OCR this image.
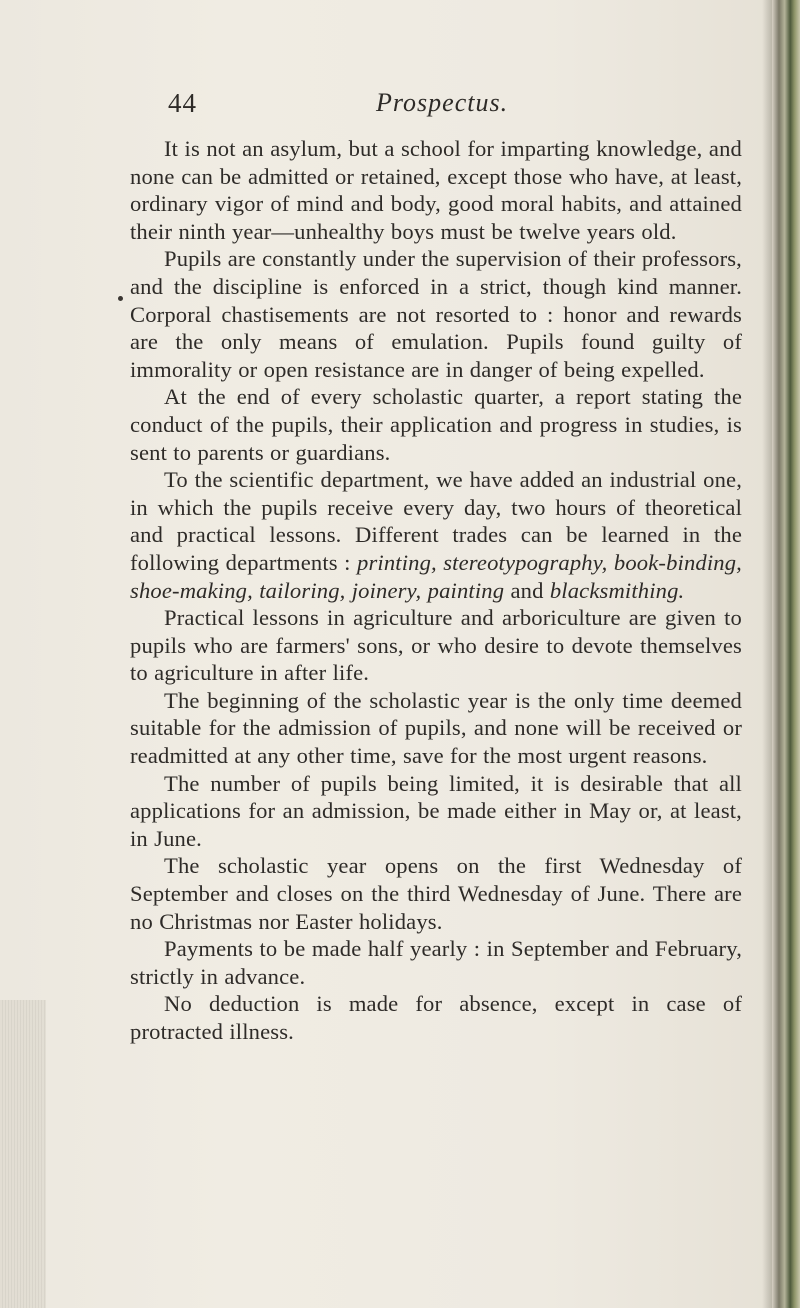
44	Prospectus.

It is not an asylum, but a school for imparting knowledge, and none can be admitted or retained, except those who have, at least, ordinary vigor of mind and body, good moral habits, and attained their ninth year—unhealthy boys must be twelve years old.

Pupils are constantly under the supervision of their professors, and the discipline is enforced in a strict, though kind manner. Corporal chastisements are not resorted to : honor and rewards are the only means of emulation. Pupils found guilty of immorality or open resistance are in danger of being expelled.

At the end of every scholastic quarter, a report stating the conduct of the pupils, their application and progress in studies, is sent to parents or guardians.

To the scientific department, we have added an industrial one, in which the pupils receive every day, two hours of theoretical and practical lessons. Different trades can be learned in the following departments : printing, stereotypography, book-binding, shoe-making, tailoring, joinery, painting and blacksmithing.

Practical lessons in agriculture and arboriculture are given to pupils who are farmers' sons, or who desire to devote themselves to agriculture in after life.

The beginning of the scholastic year is the only time deemed suitable for the admission of pupils, and none will be received or readmitted at any other time, save for the most urgent reasons.

The number of pupils being limited, it is desirable that all applications for an admission, be made either in May or, at least, in June.

The scholastic year opens on the first Wednesday of September and closes on the third Wednesday of June. There are no Christmas nor Easter holidays.

Payments to be made half yearly : in September and February, strictly in advance.

No deduction is made for absence, except in case of protracted illness.
